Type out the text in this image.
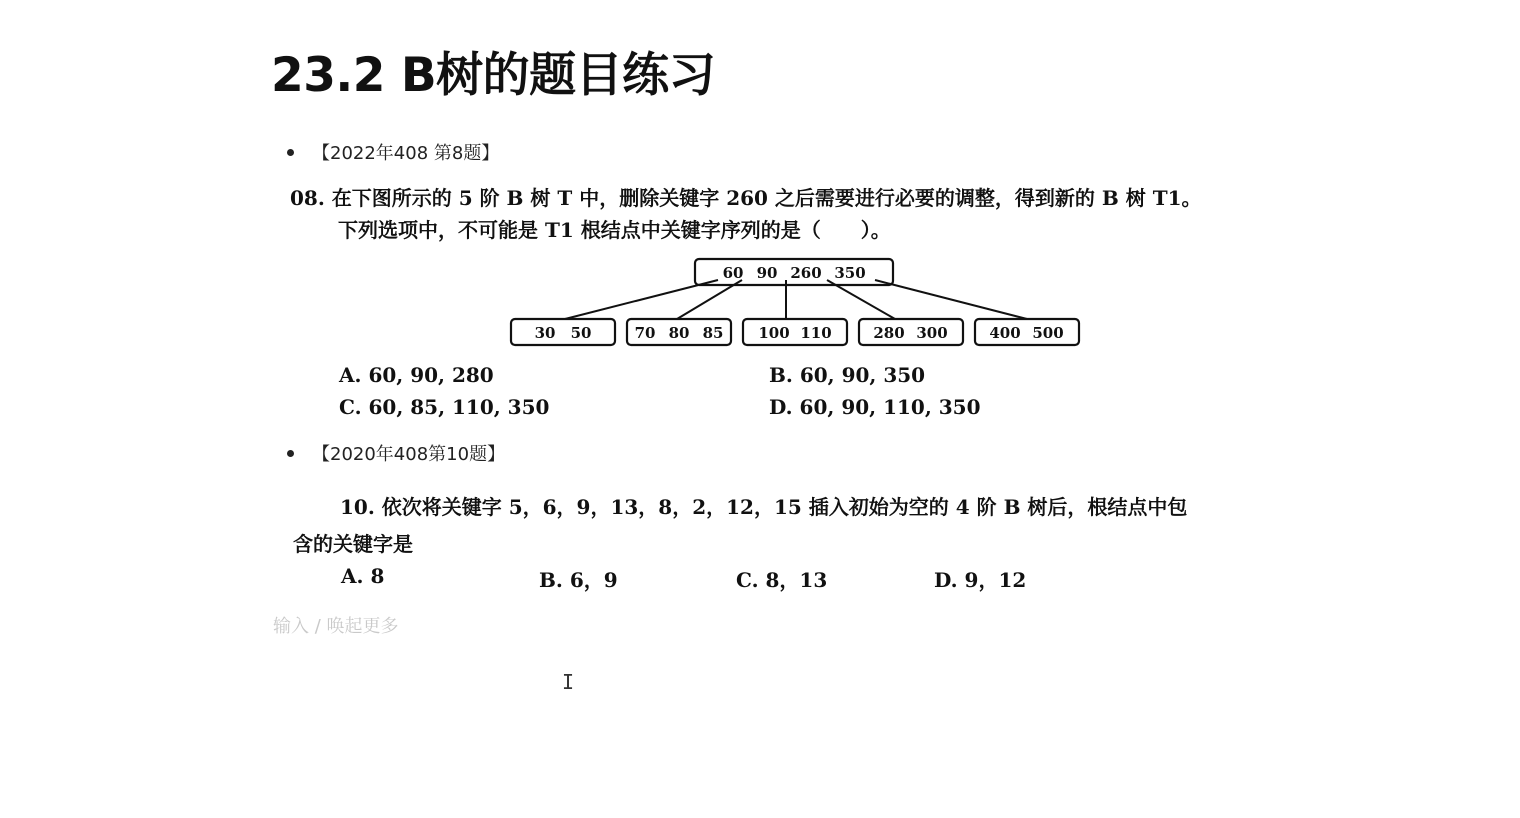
23.2 B树的题目练习
【2022年408 第8题】
08. 在下图所示的 5 阶 B 树 T 中，删除关键字 260 之后需要进行必要的调整，得到新的 B 树 T1。
下列选项中，不可能是 T1 根结点中关键字序列的是（　　）。
60 90 260 350
30 50	70 80 85 100 110	280 300	400 500
A. 60, 90, 280	B. 60, 90, 350
C. 60, 85, 110, 350	D. 60, 90, 110, 350
【2020年408第10题】
10. 依次将关键字 5，6，9，13，8，2，12，15 插入初始为空的 4 阶 B 树后，根结点中包
含的关键字是
A. 8	B. 6，9	C. 8，13	D. 9，12
输入 / 唤起更多
I
